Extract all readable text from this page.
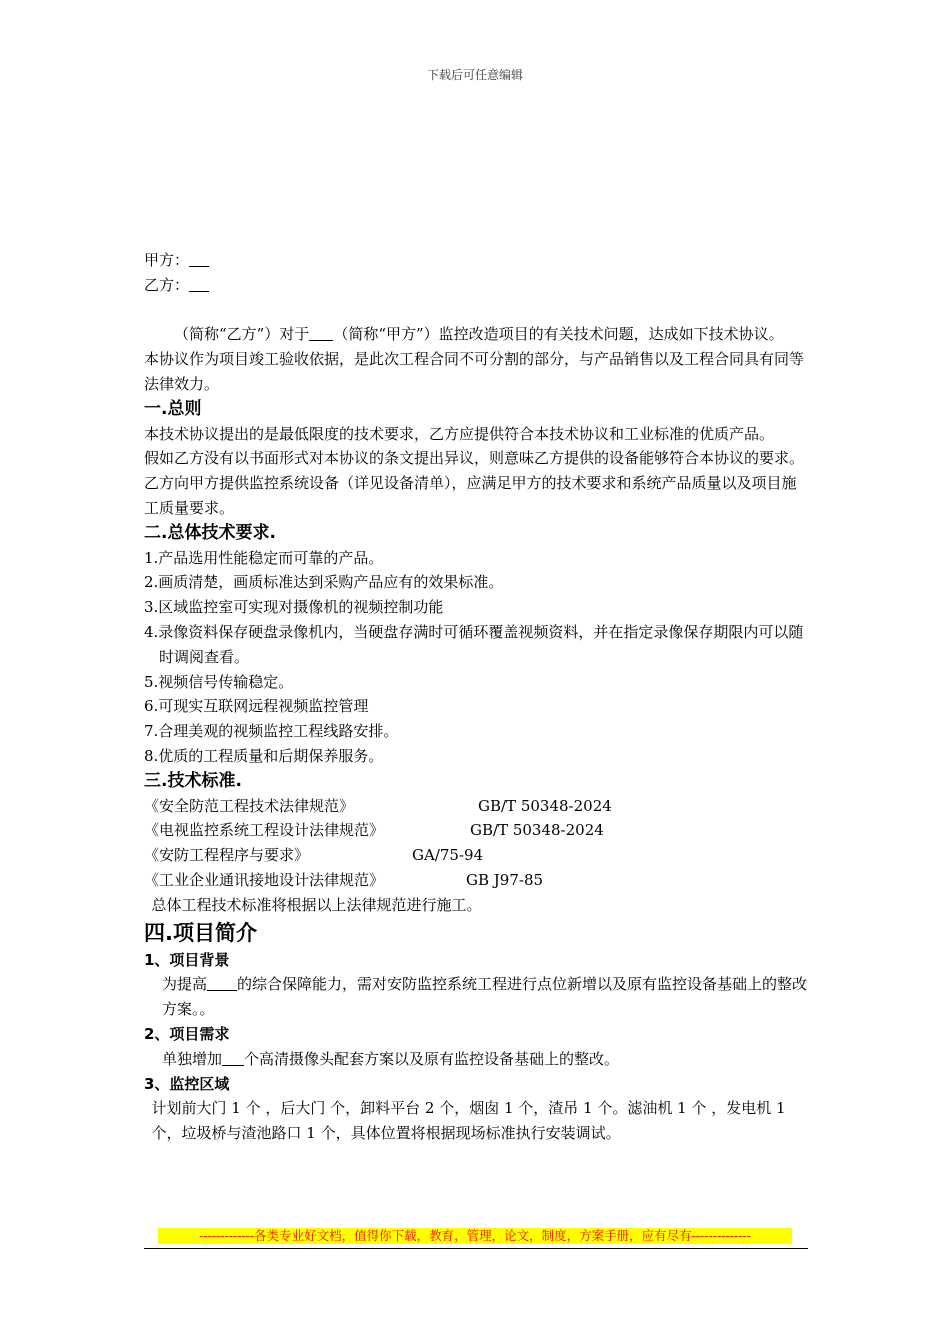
下载后可任意编辑

甲方：

乙方：

（简称“乙方”）对于 （简称“甲方”）监控改造项目的有关技术问题，达成如下技术协议。

本协议作为项目竣工验收依据，是此次工程合同不可分割的部分，与产品销售以及工程合同具有同等法律效力。

一.总则

本技术协议提出的是最低限度的技术要求，乙方应提供符合本技术协议和工业标准的优质产品。

假如乙方没有以书面形式对本协议的条文提出异议，则意味乙方提供的设备能够符合本协议的要求。

乙方向甲方提供监控系统设备（详见设备清单），应满足甲方的技术要求和系统产品质量以及项目施工质量要求。

二.总体技术要求.

1.产品选用性能稳定而可靠的产品。

2.画质清楚，画质标准达到采购产品应有的效果标准。

3.区域监控室可实现对摄像机的视频控制功能

4.录像资料保存硬盘录像机内，当硬盘存满时可循环覆盖视频资料，并在指定录像保存期限内可以随时调阅查看。

5.视频信号传输稳定。

6.可现实互联网远程视频监控管理

7.合理美观的视频监控工程线路安排。

8.优质的工程质量和后期保养服务。

三.技术标准.

《安全防范工程技术法律规范》	GB/T 50348-2024
《电视监控系统工程设计法律规范》	GB/T 50348-2024
《安防工程程序与要求》	GA/75-94
《工业企业通讯接地设计法律规范》	GB J97-85

总体工程技术标准将根据以上法律规范进行施工。

四.项目简介

1、项目背景

为提高 的综合保障能力，需对安防监控系统工程进行点位新增以及原有监控设备基础上的整改方案。。

2、项目需求

单独增加 个高清摄像头配套方案以及原有监控设备基础上的整改。

3、监控区域

计划前大门 1 个 ，后大门 个，卸料平台 2 个，烟囱 1 个，渣吊 1 个。滤油机 1 个 ，发电机 1 个，垃圾桥与渣池路口 1 个，具体位置将根据现场标准执行安装调试。

-------------各类专业好文档，值得你下载，教育，管理，论文，制度，方案手册，应有尽有--------------
